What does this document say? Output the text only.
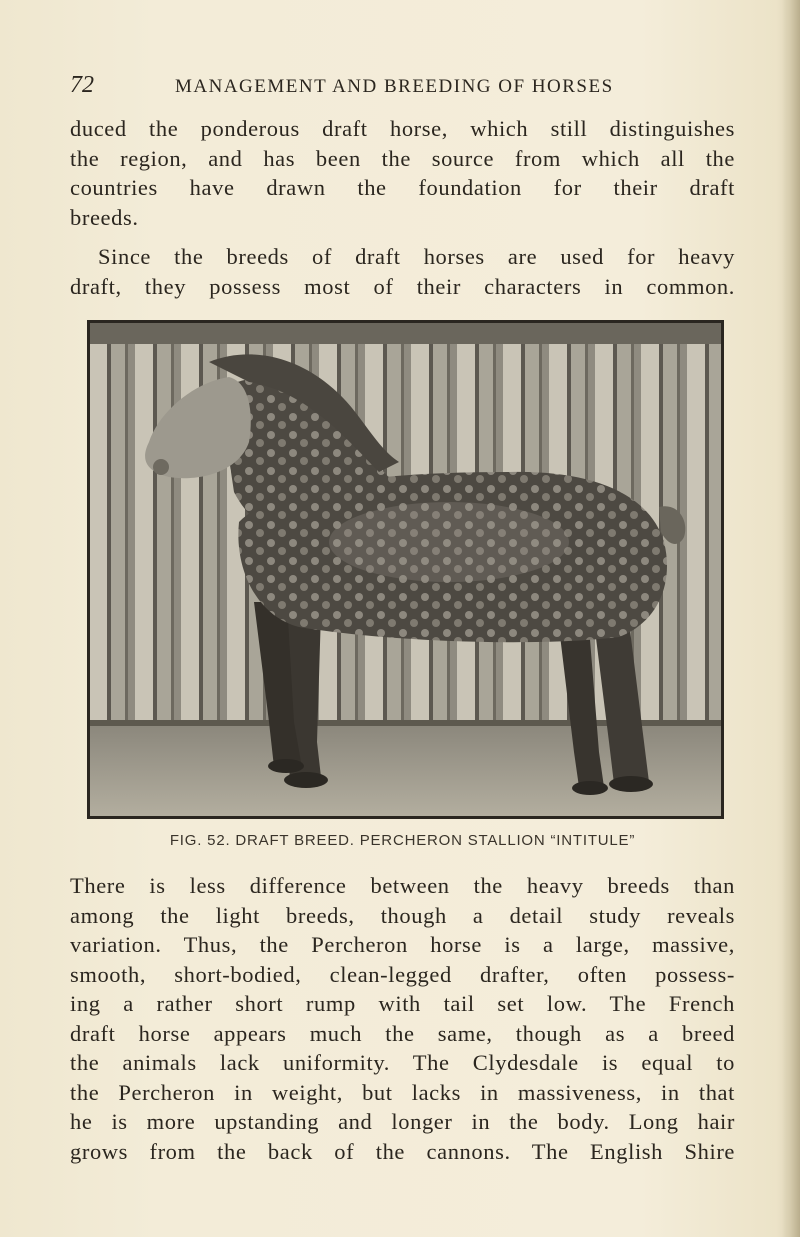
72	MANAGEMENT AND BREEDING OF HORSES
duced the ponderous draft horse, which still distinguishes
the region, and has been the source from which all the
countries have drawn the foundation for their draft
breeds.
Since the breeds of draft horses are used for heavy
draft, they possess most of their characters in common.
FIG. 52. DRAFT BREED. PERCHERON STALLION “INTITULE”
There is less difference between the heavy breeds than
among the light breeds, though a detail study reveals
variation. Thus, the Percheron horse is a large, massive,
smooth, short-bodied, clean-legged drafter, often possess-
ing a rather short rump with tail set low. The French
draft horse appears much the same, though as a breed
the animals lack uniformity. The Clydesdale is equal to
the Percheron in weight, but lacks in massiveness, in that
he is more upstanding and longer in the body. Long hair
grows from the back of the cannons. The English Shire
